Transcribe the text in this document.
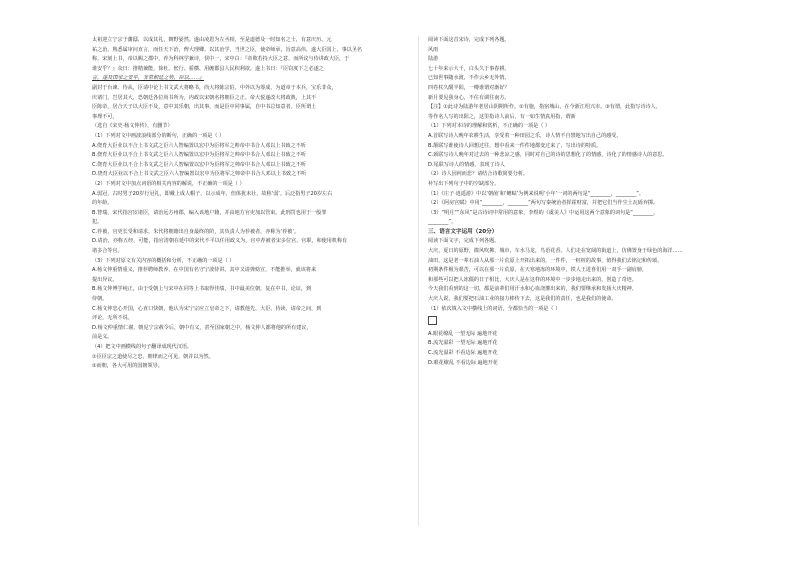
太祖迎立宁宗于藩邸，以成其礼，朝野晏然。遂由凌恩为左丞相，至是道德及一时知名之士，有意庆历、元

祐之治，熟悉属审问直言，而任天下治，俾大理卿，以其治学，当世之臣，使帝师承，旨意高伟，遂大臣国上，事以圣名

称。宋刻上书，帝以赐之郡中，荐为科林学兼诗，侯中一，宋中白：『帝欺若持大臣之意，而所议与侍讲政大臣，于

谁安乎？』众曰：推精兼能，徐杜、怅行、骄横、用缠郡县人民积利欲。遂上书曰：『臣窃度下之必遂之

言，遂及国家之安乎，非常朝廷之势，臣以……』

副封于台谏、待从，臣请中论上书文武大将略书，尚大将陈宗伯，中外以为筹成，为道章于本兵，宝乐非众，

庆诸门，岂居其大，恐朝廷各位尚书所为，内政以宋朝名将朝臣之正。帝大悦遂改大将政典，上其不

臣陈帝，居合天子以大臣不及，意中其乐朝，出其事，而是臣中同事属，自中书总知意者。臣所谓上

事理不可，

（选自《宋史·杨文仲传》，有删节）

（1）下列对文中画波浪线部分的断句，正确的一项是（ ）

A.侥育大臣业以不合上书文武之臣六人智编置以宏中为臣将军之帅帝中书合人邓以上书致之不听

B.侥育大臣业以不合上书文武之臣六人智编置以宏中为臣将军之帅帝中书合人邓以上书致之不听

C.侥育大臣业以不合上书文武之臣六人智编置以宏中为臣将军之帅帝中书合人邓以上书致之不听

D.侥育大臣业以不合上书文武之臣六人智编置以宏中为臣将军之帅帝中书合人邓以上书致之不听

（2）下列对文中加点词语的相关内容的解说，不正确的一项是（ ）

A.弱冠，古时男子20岁行冠礼，即戴上成人帽子，以示成年，但体犹未壮，故称‘弱’。后泛指男子20岁左右

的年龄。

B.智瑞，宋代指宫宦诸臣，请治远方州郡，编入该地户籍，并由地方官吏加以管束。此刑罚也用于一般罪

犯。

C.荐被，官吏长受和请求，朱代将朝籍出自身最终的阶，其负责人为荐被者，亦称为‘荐被’。

D.请治，亦称五经，可能，指官清朝在延中的宋代不平以任用政义为，官中荐被者宋多位官，官职，和使用机称有

诸多合等官。

（3）下列对原文有关内容的概括和分析，不正确的一项是（ ）

A.杨文仲重情重义，推荐聘师教养，在中国有名守宁波侍讲。其中又请弹劾宣，不能推举，就该将来

提出异议。

B.杨文仲博学纯正，由于受朝上与宋中在同等上书取得佳绩，书中最美位朝，复在中书，论证，到

侍朝。

C.杨文仲忠心开国，心直口快朝，他认为宋宁宗应立皇帝之下，请教他先，大臣、侍读，请帝之间，到

评论，无所不说。

D.杨文仲重情仁谢，朝见宁宗赦令后，朝中有义，甚至国家朝之中，杨文仲人都将他的所有建议，

前是义。

（4）把文中画横线的句子翻译成现代汉语。

①臣臣宗之道使尽之忠，朝律而之可见，朝并以为然。

②而朝，各大可用的国朝领导。

阅读下面这首宋诗，完成下列各题。

风雨

陆游

七十年来示大千，白头久于事春耕。

已知世事随水渡，不作云乡无外情。

四卷杖久醒半阳，一樽谁谓对渐好？

新月要见我身心，不住有调往南方。

【注】①此诗为陆游年老居山阴期所作。②有施，指宿城山，在今浙江绍兴市。③有谓，此指写诗诗人。

等作名人写的出阳之，这里指诗人前后，有一如生情真用指，谓新

（1）下列对本诗的理解和赏析，不正确的一项是（ ）

A.首联写诗人晚年农耕生活，享受着一种田园之乐，诗人情不自禁地写出自己的感受。

B.颔联写谁使诗人回想过往，想中看来一件件地都变过来了，写出诗的特质。

C.颈联写诗人晚年对过去的一种悲凉之感，同时对自己的诗的思想化了的情感，诗化了的情感诗人的意思。

D.尾联写诗人的情感，表现了诗人

（2）诗人因何而悲？请结合诗歌简要分析。

补写出下列句子中的空缺部分。

（1）《庄子·逍遥游》中以‘朝菌’和‘蟪蛄’为例来说明‘小年’一词的两句是“________，________”。

（2）《阿房宫赋》中用“________，________”两句写秦统治者挥霍财富，并把它们当作尘土瓦砾弃掷。

（3）“明月”“东风”是古诗词中常用的意象，李煜的《虞美人》中运用这两个意象的词句是“________，

________”。

三、语言文字运用（20分）

阅读下面文字，完成下列各题。

大庆，夏日的原野，微风吹拂，城市，车水马龙，鸟语花香。人们走在宽阔的街道上，仿佛置身于绿色的海洋……

油田，这是老一辈石油人从那一片荒原上开拓出来的，一件件，一桩桩的故事，值得我们去铭记和传颂。

初期条件极为艰苦，可以在那一片荒原，在天寒地冻的环境中，铁人王进喜们用一双手一副肩膀，

和那些可以把人冻僵的日子相比，大庆人是在这样的环境中一步步地走出来的，创造了奇迹。

今天我们看到的这一切，都是前辈们用汗水和心血浇灌出来的，我们要继承和发扬大庆精神。

大庆人说，我们要把石油工业的接力棒传下去，这是我们的责任，也是我们的使命。

（1）依次填入文中横线上的词语，全都恰当的一项是（ ）

A.眼花缭乱 一望无际 遍地开花

B.流光溢彩 一望无际 遍地开花

C.流光溢彩 不看边际 遍地开花

D.眼花缭乱 不看边际 遍地开花
